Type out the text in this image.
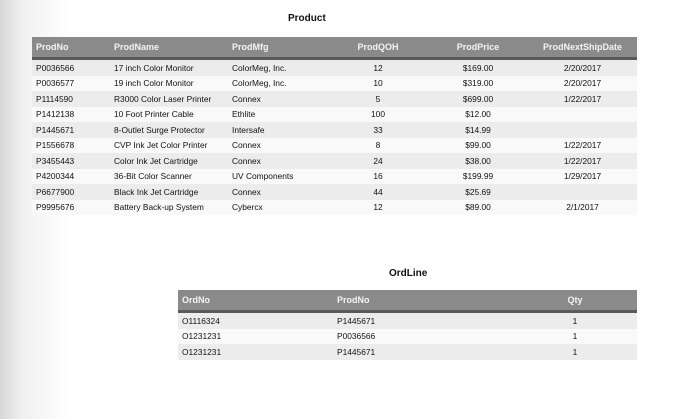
Product
ProdNo	ProdName	ProdMfg	ProdQOH	ProdPrice	ProdNextShipDate
P0036566	17 inch Color Monitor	ColorMeg, Inc.	12	$169.00	2/20/2017
P0036577	19 inch Color Monitor	ColorMeg, Inc.	10	$319.00	2/20/2017
P1114590	R3000 Color Laser Printer	Connex	5	$699.00	1/22/2017
P1412138	10 Foot Printer Cable	Ethlite	100	$12.00	
P1445671	8-Outlet Surge Protector	Intersafe	33	$14.99	
P1556678	CVP Ink Jet Color Printer	Connex	8	$99.00	1/22/2017
P3455443	Color Ink Jet Cartridge	Connex	24	$38.00	1/22/2017
P4200344	36-Bit Color Scanner	UV Components	16	$199.99	1/29/2017
P6677900	Black Ink Jet Cartridge	Connex	44	$25.69	
P9995676	Battery Back-up System	Cybercx	12	$89.00	2/1/2017
OrdLine
OrdNo	ProdNo	Qty
O1116324	P1445671	1
O1231231	P0036566	1
O1231231	P1445671	1
